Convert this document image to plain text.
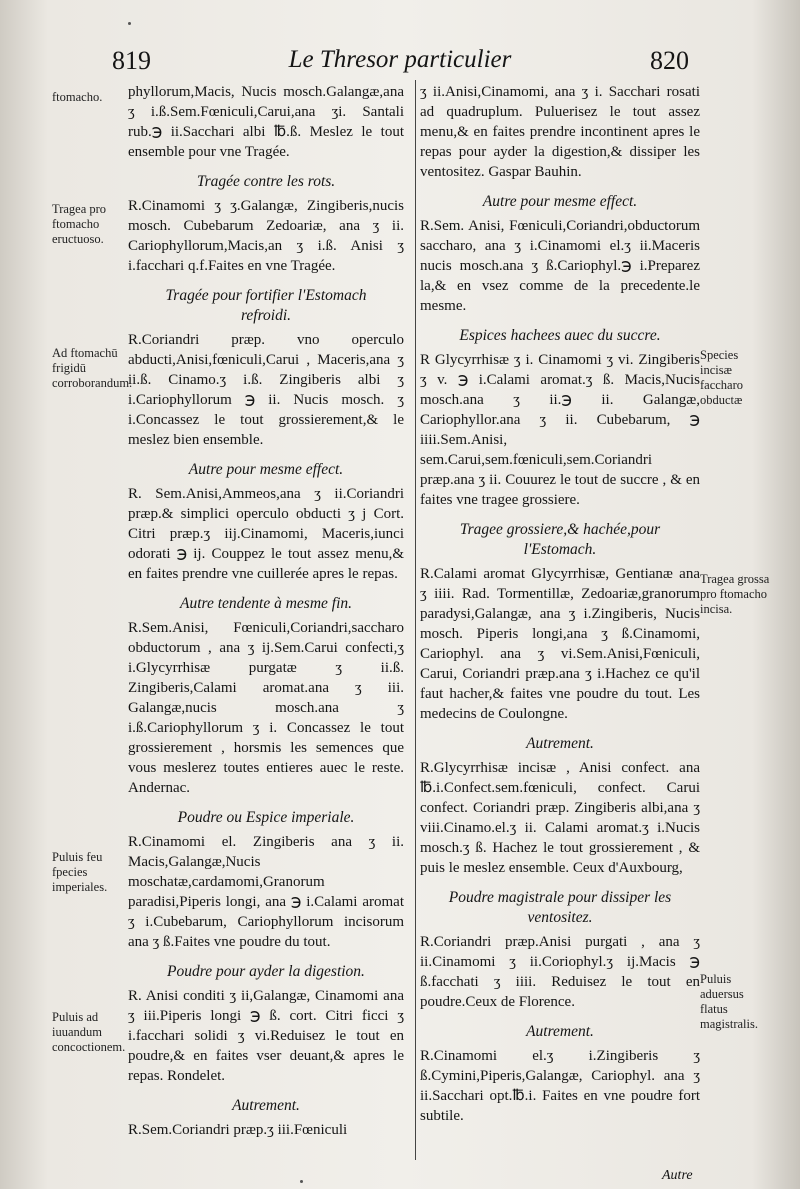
819	Le Thresor particulier	820
ftomacho.
Tragea pro ftomacho eructuoso.
Ad ftomachū frigidū corroborandum.
Puluis feu fpecies imperiales.
Puluis ad iuuandum concoctionem.
Species incisæ faccharo obductæ
Tragea grossa pro ftomacho incisa.
Puluis aduersus flatus magistralis.

phyllorum,Macis, Nucis mosch.Galangæ,ana ʒ i.ß.Sem.Fœniculi,Carui,ana ʒi. Santali rub.℈ ii.Sacchari albi ℔.ß. Meslez le tout ensemble pour vne Tragée.

Tragée contre les rots.

R.Cinamomi ʒ ʒ.Galangæ, Zingiberis,nucis mosch. Cubebarum Zedoariæ, ana ʒ ii. Cariophyllorum,Macis,an ʒ i.ß. Anisi ʒ i.facchari q.f.Faites en vne Tragée.

Tragée pour fortifier l'Estomach
refroidi.

R.Coriandri præp. vno operculo abducti,Anisi,fœniculi,Carui , Maceris,ana ʒ ii.ß. Cinamo.ʒ i.ß. Zingiberis albi ʒ i.Cariophyllorum ℈ ii. Nucis mosch. ʒ i.Concassez le tout grossierement,& le meslez bien ensemble.

Autre pour mesme effect.

R. Sem.Anisi,Ammeos,ana ʒ ii.Coriandri præp.& simplici operculo obducti ʒ j Cort. Citri præp.ʒ iij.Cinamomi, Maceris,iunci odorati ℈ ij. Couppez le tout assez menu,& en faites prendre vne cuillerée apres le repas.

Autre tendente à mesme fin.

R.Sem.Anisi, Fœniculi,Coriandri,saccharo obductorum , ana ʒ ij.Sem.Carui confecti,ʒ i.Glycyrrhisæ purgatæ ʒ ii.ß. Zingiberis,Calami aromat.ana ʒ iii. Galangæ,nucis mosch.ana ʒ i.ß.Cariophyllorum ʒ i. Concassez le tout grossierement , horsmis les semences que vous meslerez toutes entieres auec le reste. Andernac.

Poudre ou Espice imperiale.

R.Cinamomi el. Zingiberis ana ʒ ii. Macis,Galangæ,Nucis moschatæ,cardamomi,Granorum paradisi,Piperis longi, ana ℈ i.Calami aromat ʒ i.Cubebarum, Cariophyllorum incisorum ana ʒ ß.Faites vne poudre du tout.

Poudre pour ayder la digestion.

R. Anisi conditi ʒ ii,Galangæ, Cinamomi ana ʒ iii.Piperis longi ℈ ß. cort. Citri ficci ʒ i.facchari solidi ʒ vi.Reduisez le tout en poudre,& en faites vser deuant,& apres le repas. Rondelet.

Autrement.

R.Sem.Coriandri præp.ʒ iii.Fœniculi

ʒ ii.Anisi,Cinamomi, ana ʒ i. Sacchari rosati ad quadruplum. Puluerisez le tout assez menu,& en faites prendre incontinent apres le repas pour ayder la digestion,& dissiper les ventositez. Gaspar Bauhin.

Autre pour mesme effect.

R.Sem. Anisi, Fœniculi,Coriandri,obductorum saccharo, ana ʒ i.Cinamomi el.ʒ ii.Maceris nucis mosch.ana ʒ ß.Cariophyl.℈ i.Preparez la,& en vsez comme de la precedente.le mesme.

Espices hachees auec du succre.

R Glycyrrhisæ ʒ i. Cinamomi ʒ vi. Zingiberis ʒ v. ℈ i.Calami aromat.ʒ ß. Macis,Nucis mosch.ana ʒ ii.℈ ii. Galangæ, Cariophyllor.ana ʒ ii. Cubebarum, ℈ iiii.Sem.Anisi, sem.Carui,sem.fœniculi,sem.Coriandri præp.ana ʒ ii. Couurez le tout de succre , & en faites vne tragee grossiere.

Tragee grossiere,& hachée,pour
l'Estomach.

R.Calami aromat Glycyrrhisæ, Gentianæ ana ʒ iiii. Rad. Tormentillæ, Zedoariæ,granorum paradysi,Galangæ, ana ʒ i.Zingiberis, Nucis mosch. Piperis longi,ana ʒ ß.Cinamomi, Cariophyl. ana ʒ vi.Sem.Anisi,Fœniculi, Carui, Coriandri præp.ana ʒ i.Hachez ce qu'il faut hacher,& faites vne poudre du tout. Les medecins de Coulongne.

Autrement.

R.Glycyrrhisæ incisæ , Anisi confect. ana ℔.i.Confect.sem.fœniculi, confect. Carui confect. Coriandri præp. Zingiberis albi,ana ʒ viii.Cinamo.el.ʒ ii. Calami aromat.ʒ i.Nucis mosch.ʒ ß. Hachez le tout grossierement , & puis le meslez ensemble. Ceux d'Auxbourg,

Poudre magistrale pour dissiper les
ventositez.

R.Coriandri præp.Anisi purgati , ana ʒ ii.Cinamomi ʒ ii.Coriophyl.ʒ ij.Macis ℈ ß.facchati ʒ iiii. Reduisez le tout en poudre.Ceux de Florence.

Autrement.

R.Cinamomi el.ʒ i.Zingiberis ʒ ß.Cymini,Piperis,Galangæ, Cariophyl. ana ʒ ii.Sacchari opt.℔.i. Faites en vne poudre fort subtile.

Autre
